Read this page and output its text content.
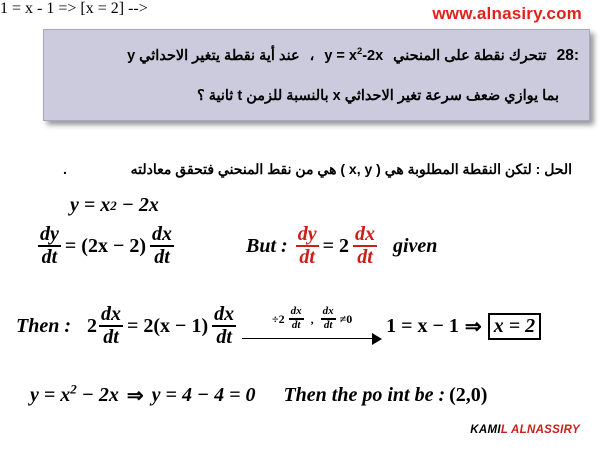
www.alnasiry.com
28:
تتحرك نقطة على المنحني
$y = x^2-2x$
،
عند أية نقطة يتغير الاحداثي y
بما يوازي ضعف سرعة تغير الاحداثي x بالنسبة للزمن t ثانية ؟
الحل : لتكن النقطة المطلوبة هي ( x, y ) هي من نقط المنحني فتحقق معادلته
.
y
= x 2
− 2x
$\frac{dy}{dt} = (2x - 2) \frac{dx}{dt}$	But : $\frac{dy}{dt} = 2 \frac{dx}{dt}$ given
1 = x - 1 => [x = 2] -->
Then : $2 \frac{dx}{dt} = 2(x - 1) \frac{dx}{dt}$	$\div 2 \frac{dx}{dt}$ , $\frac{dx}{dt} \ne 0$ 1 = x − 1 ⇒ x = 2
$y = x^2 - 2x$ ⇒ y = 4 − 4 = 0 Then the po int be : (2,0)
KAMIL ALNASSIRY
